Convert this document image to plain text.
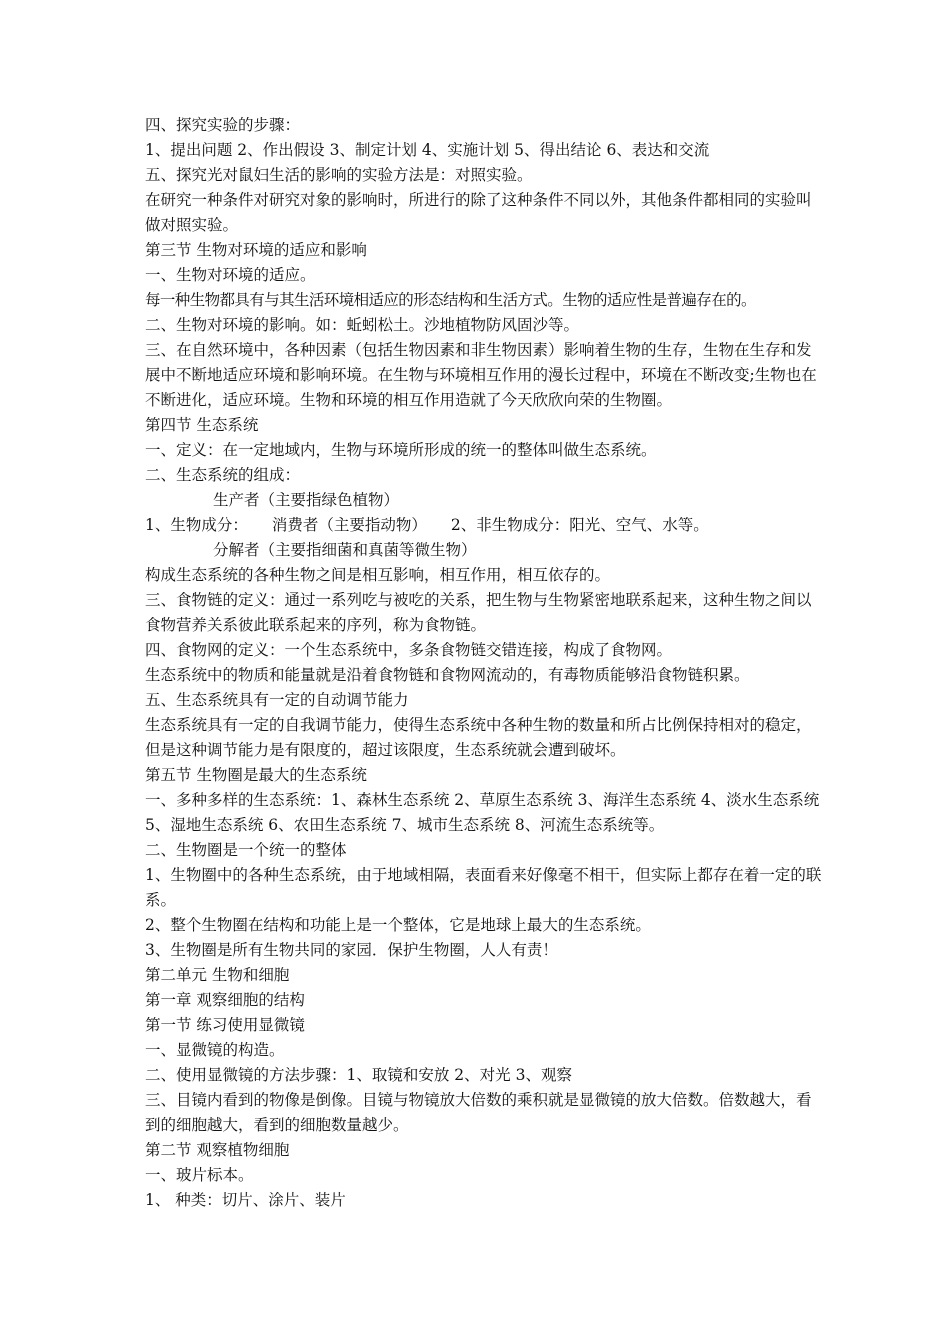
四、探究实验的步骤：

1、提出问题 2、作出假设 3、制定计划 4、实施计划 5、得出结论 6、表达和交流

五、探究光对鼠妇生活的影响的实验方法是：对照实验。

在研究一种条件对研究对象的影响时，所进行的除了这种条件不同以外，其他条件都相同的实验叫做对照实验。

第三节 生物对环境的适应和影响

一、生物对环境的适应。

每一种生物都具有与其生活环境相适应的形态结构和生活方式。生物的适应性是普遍存在的。

二、生物对环境的影响。如：蚯蚓松土。沙地植物防风固沙等。

三、在自然环境中，各种因素（包括生物因素和非生物因素）影响着生物的生存，生物在生存和发展中不断地适应环境和影响环境。在生物与环境相互作用的漫长过程中，环境在不断改变;生物也在不断进化，适应环境。生物和环境的相互作用造就了今天欣欣向荣的生物圈。

第四节 生态系统

一、定义：在一定地域内，生物与环境所形成的统一的整体叫做生态系统。

二、生态系统的组成：

生产者（主要指绿色植物）

1、生物成分： 消费者（主要指动物） 2、非生物成分：阳光、空气、水等。

分解者（主要指细菌和真菌等微生物）

构成生态系统的各种生物之间是相互影响，相互作用，相互依存的。

三、食物链的定义：通过一系列吃与被吃的关系，把生物与生物紧密地联系起来，这种生物之间以食物营养关系彼此联系起来的序列，称为食物链。

四、食物网的定义：一个生态系统中，多条食物链交错连接，构成了食物网。

生态系统中的物质和能量就是沿着食物链和食物网流动的，有毒物质能够沿食物链积累。

五、生态系统具有一定的自动调节能力

生态系统具有一定的自我调节能力，使得生态系统中各种生物的数量和所占比例保持相对的稳定，但是这种调节能力是有限度的，超过该限度，生态系统就会遭到破坏。

第五节 生物圈是最大的生态系统

一、多种多样的生态系统：1、森林生态系统 2、草原生态系统 3、海洋生态系统 4、淡水生态系统 5、湿地生态系统 6、农田生态系统 7、城市生态系统 8、河流生态系统等。

二、生物圈是一个统一的整体

1、生物圈中的各种生态系统，由于地域相隔，表面看来好像毫不相干，但实际上都存在着一定的联系。

2、整个生物圈在结构和功能上是一个整体，它是地球上最大的生态系统。

3、生物圈是所有生物共同的家园．保护生物圈，人人有责！

第二单元 生物和细胞

第一章 观察细胞的结构

第一节 练习使用显微镜

一、显微镜的构造。

二、使用显微镜的方法步骤：1、取镜和安放 2、对光 3、观察

三、目镜内看到的物像是倒像。目镜与物镜放大倍数的乘积就是显微镜的放大倍数。倍数越大，看到的细胞越大，看到的细胞数量越少。

第二节 观察植物细胞

一、玻片标本。

1、 种类：切片、涂片、装片
